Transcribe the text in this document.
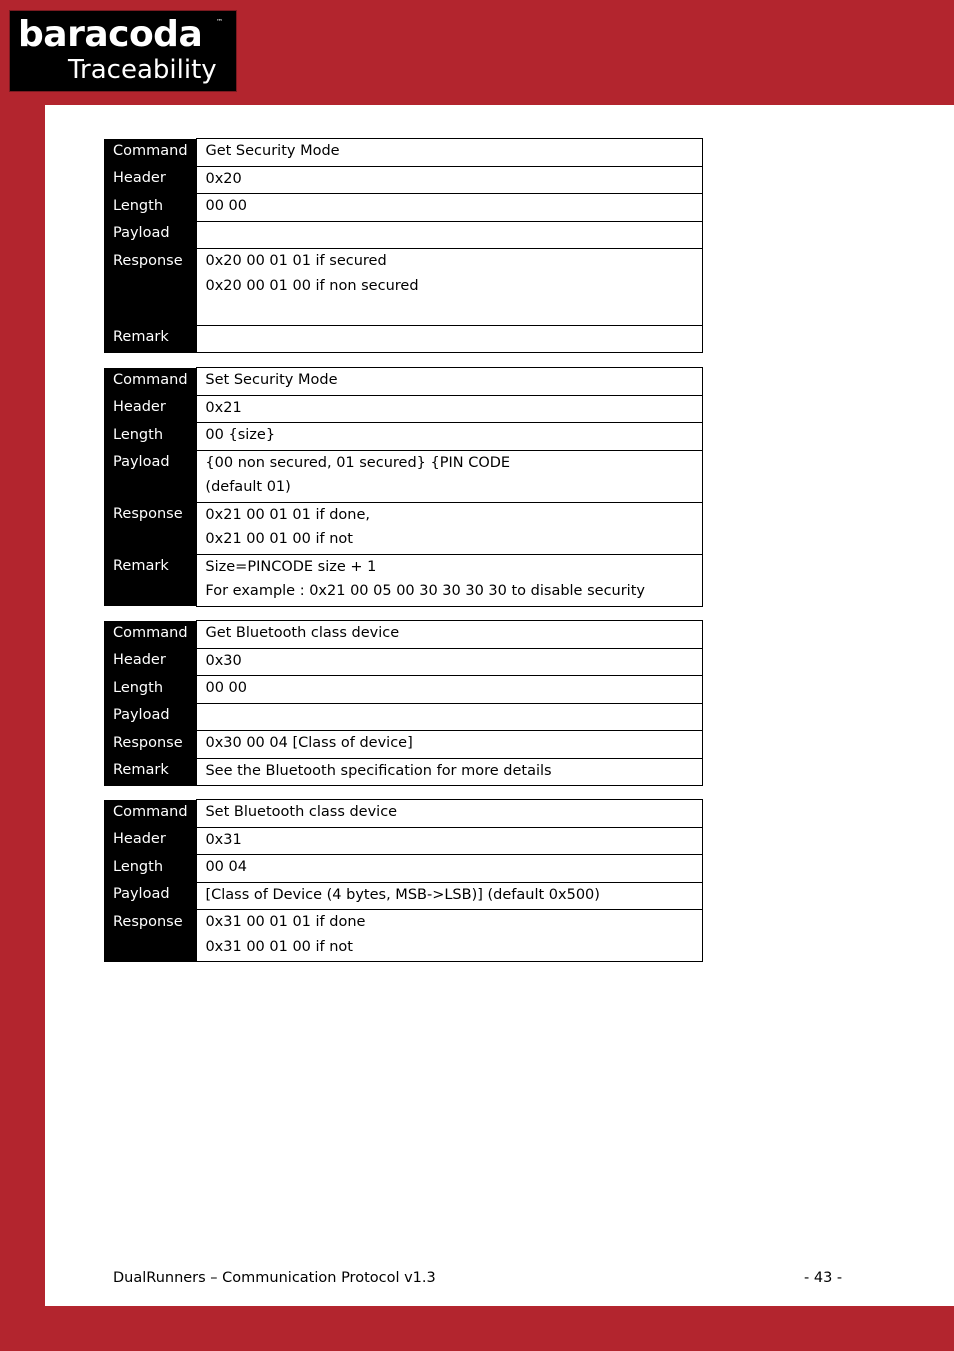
baracoda ™
Traceability
Command	Get Security Mode

Header	0x20

Length	00 00

Payload	

Response	0x20 00 01 01 if secured
0x20 00 01 00 if non secured

Remark	

Command	Set Security Mode

Header	0x21

Length	00 {size}

Payload	{00 non secured, 01 secured} {PIN CODE
(default 01)

Response	0x21 00 01 01 if done,
0x21 00 01 00 if not

Remark	Size=PINCODE size + 1
For example : 0x21 00 05 00 30 30 30 30 to disable security
Command	Get Bluetooth class device

Header	0x30

Length	00 00

Payload	

Response	0x30 00 04 [Class of device]

Remark	See the Bluetooth specification for more details
Command	Set Bluetooth class device

Header	0x31

Length	00 04

Payload	[Class of Device (4 bytes, MSB->LSB)] (default 0x500)

Response	0x31 00 01 01 if done
0x31 00 01 00 if not
DualRunners – Communication Protocol v1.3	- 43 -
